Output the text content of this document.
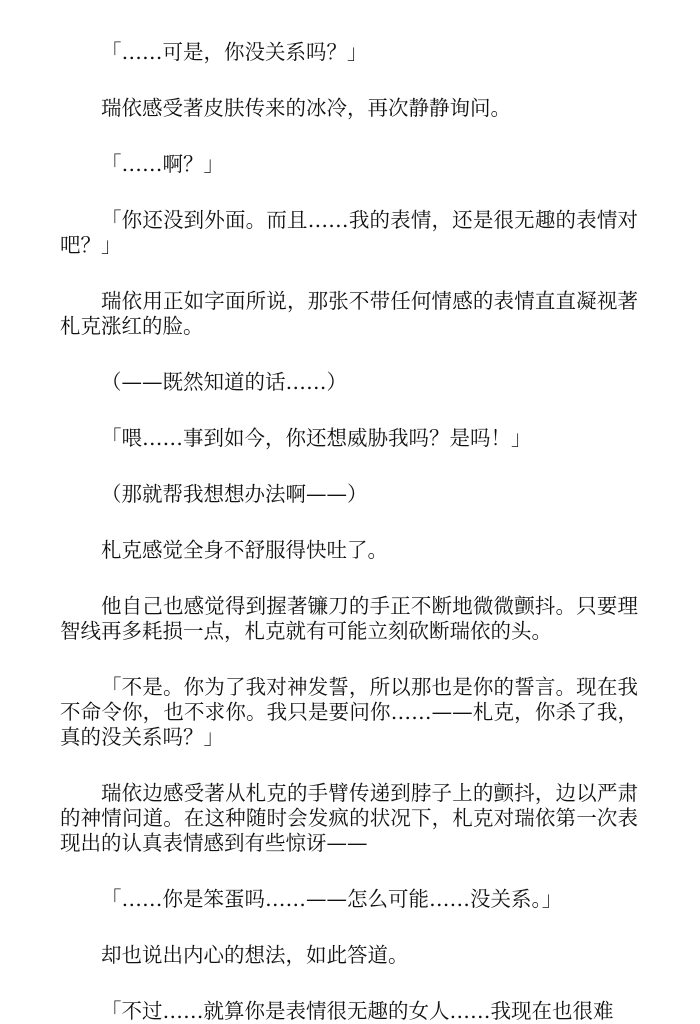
「……可是，你没关系吗？」

瑞依感受著皮肤传来的冰冷，再次静静询问。

「……啊？」

「你还没到外面。而且……我的表情，还是很无趣的表情对吧？」

瑞依用正如字面所说，那张不带任何情感的表情直直凝视著札克涨红的脸。

（——既然知道的话……）

「喂……事到如今，你还想威胁我吗？是吗！」

（那就帮我想想办法啊——）

札克感觉全身不舒服得快吐了。

他自己也感觉得到握著镰刀的手正不断地微微颤抖。只要理智线再多耗损一点，札克就有可能立刻砍断瑞依的头。

「不是。你为了我对神发誓，所以那也是你的誓言。现在我不命令你，也不求你。我只是要问你……——札克，你杀了我，真的没关系吗？」

瑞依边感受著从札克的手臂传递到脖子上的颤抖，边以严肃的神情问道。在这种随时会发疯的状况下，札克对瑞依第一次表现出的认真表情感到有些惊讶——

「……你是笨蛋吗……——怎么可能……没关系。」

却也说出内心的想法，如此答道。

「不过……就算你是表情很无趣的女人……我现在也很难
